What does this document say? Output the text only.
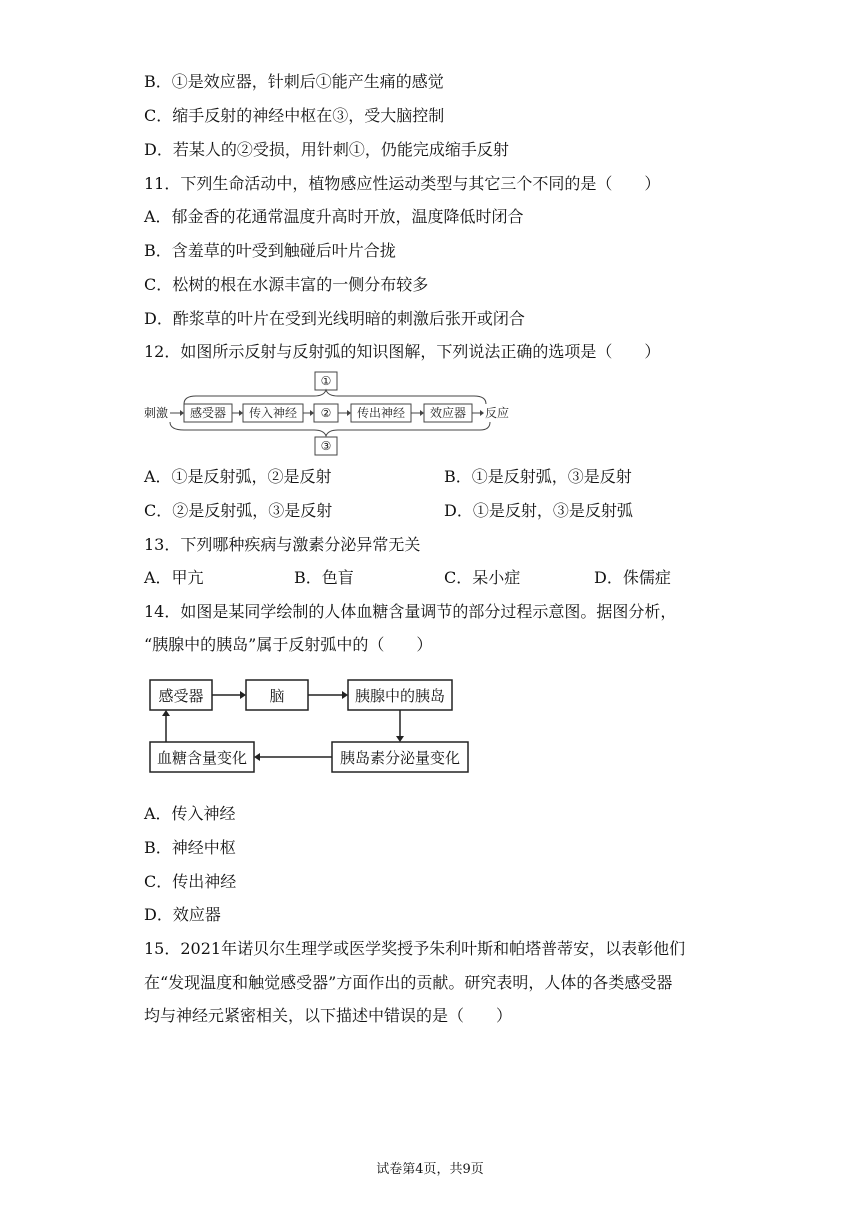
B．①是效应器，针刺后①能产生痛的感觉
C．缩手反射的神经中枢在③，受大脑控制
D．若某人的②受损，用针刺①，仍能完成缩手反射
11．下列生命活动中，植物感应性运动类型与其它三个不同的是（　　）
A．郁金香的花通常温度升高时开放，温度降低时闭合
B．含羞草的叶受到触碰后叶片合拢
C．松树的根在水源丰富的一侧分布较多
D．酢浆草的叶片在受到光线明暗的刺激后张开或闭合
12．如图所示反射与反射弧的知识图解，下列说法正确的选项是（　　）
①
刺激 感受器 传入神经 ② 传出神经 效应器 反应
③
A．①是反射弧，②是反射	B．①是反射弧，③是反射
C．②是反射弧，③是反射	D．①是反射，③是反射弧
13．下列哪种疾病与激素分泌异常无关
A．甲亢	B．色盲	C．呆小症	D．侏儒症
14．如图是某同学绘制的人体血糖含量调节的部分过程示意图。据图分析，
“胰腺中的胰岛”属于反射弧中的（　　）
感受器	脑	胰腺中的胰岛
胰岛素分泌量变化
血糖含量变化
A．传入神经
B．神经中枢
C．传出神经
D．效应器
15．2021年诺贝尔生理学或医学奖授予朱利叶斯和帕塔普蒂安，以表彰他们
在“发现温度和触觉感受器”方面作出的贡献。研究表明，人体的各类感受器
均与神经元紧密相关，以下描述中错误的是（　　）
试卷第4页，共9页
